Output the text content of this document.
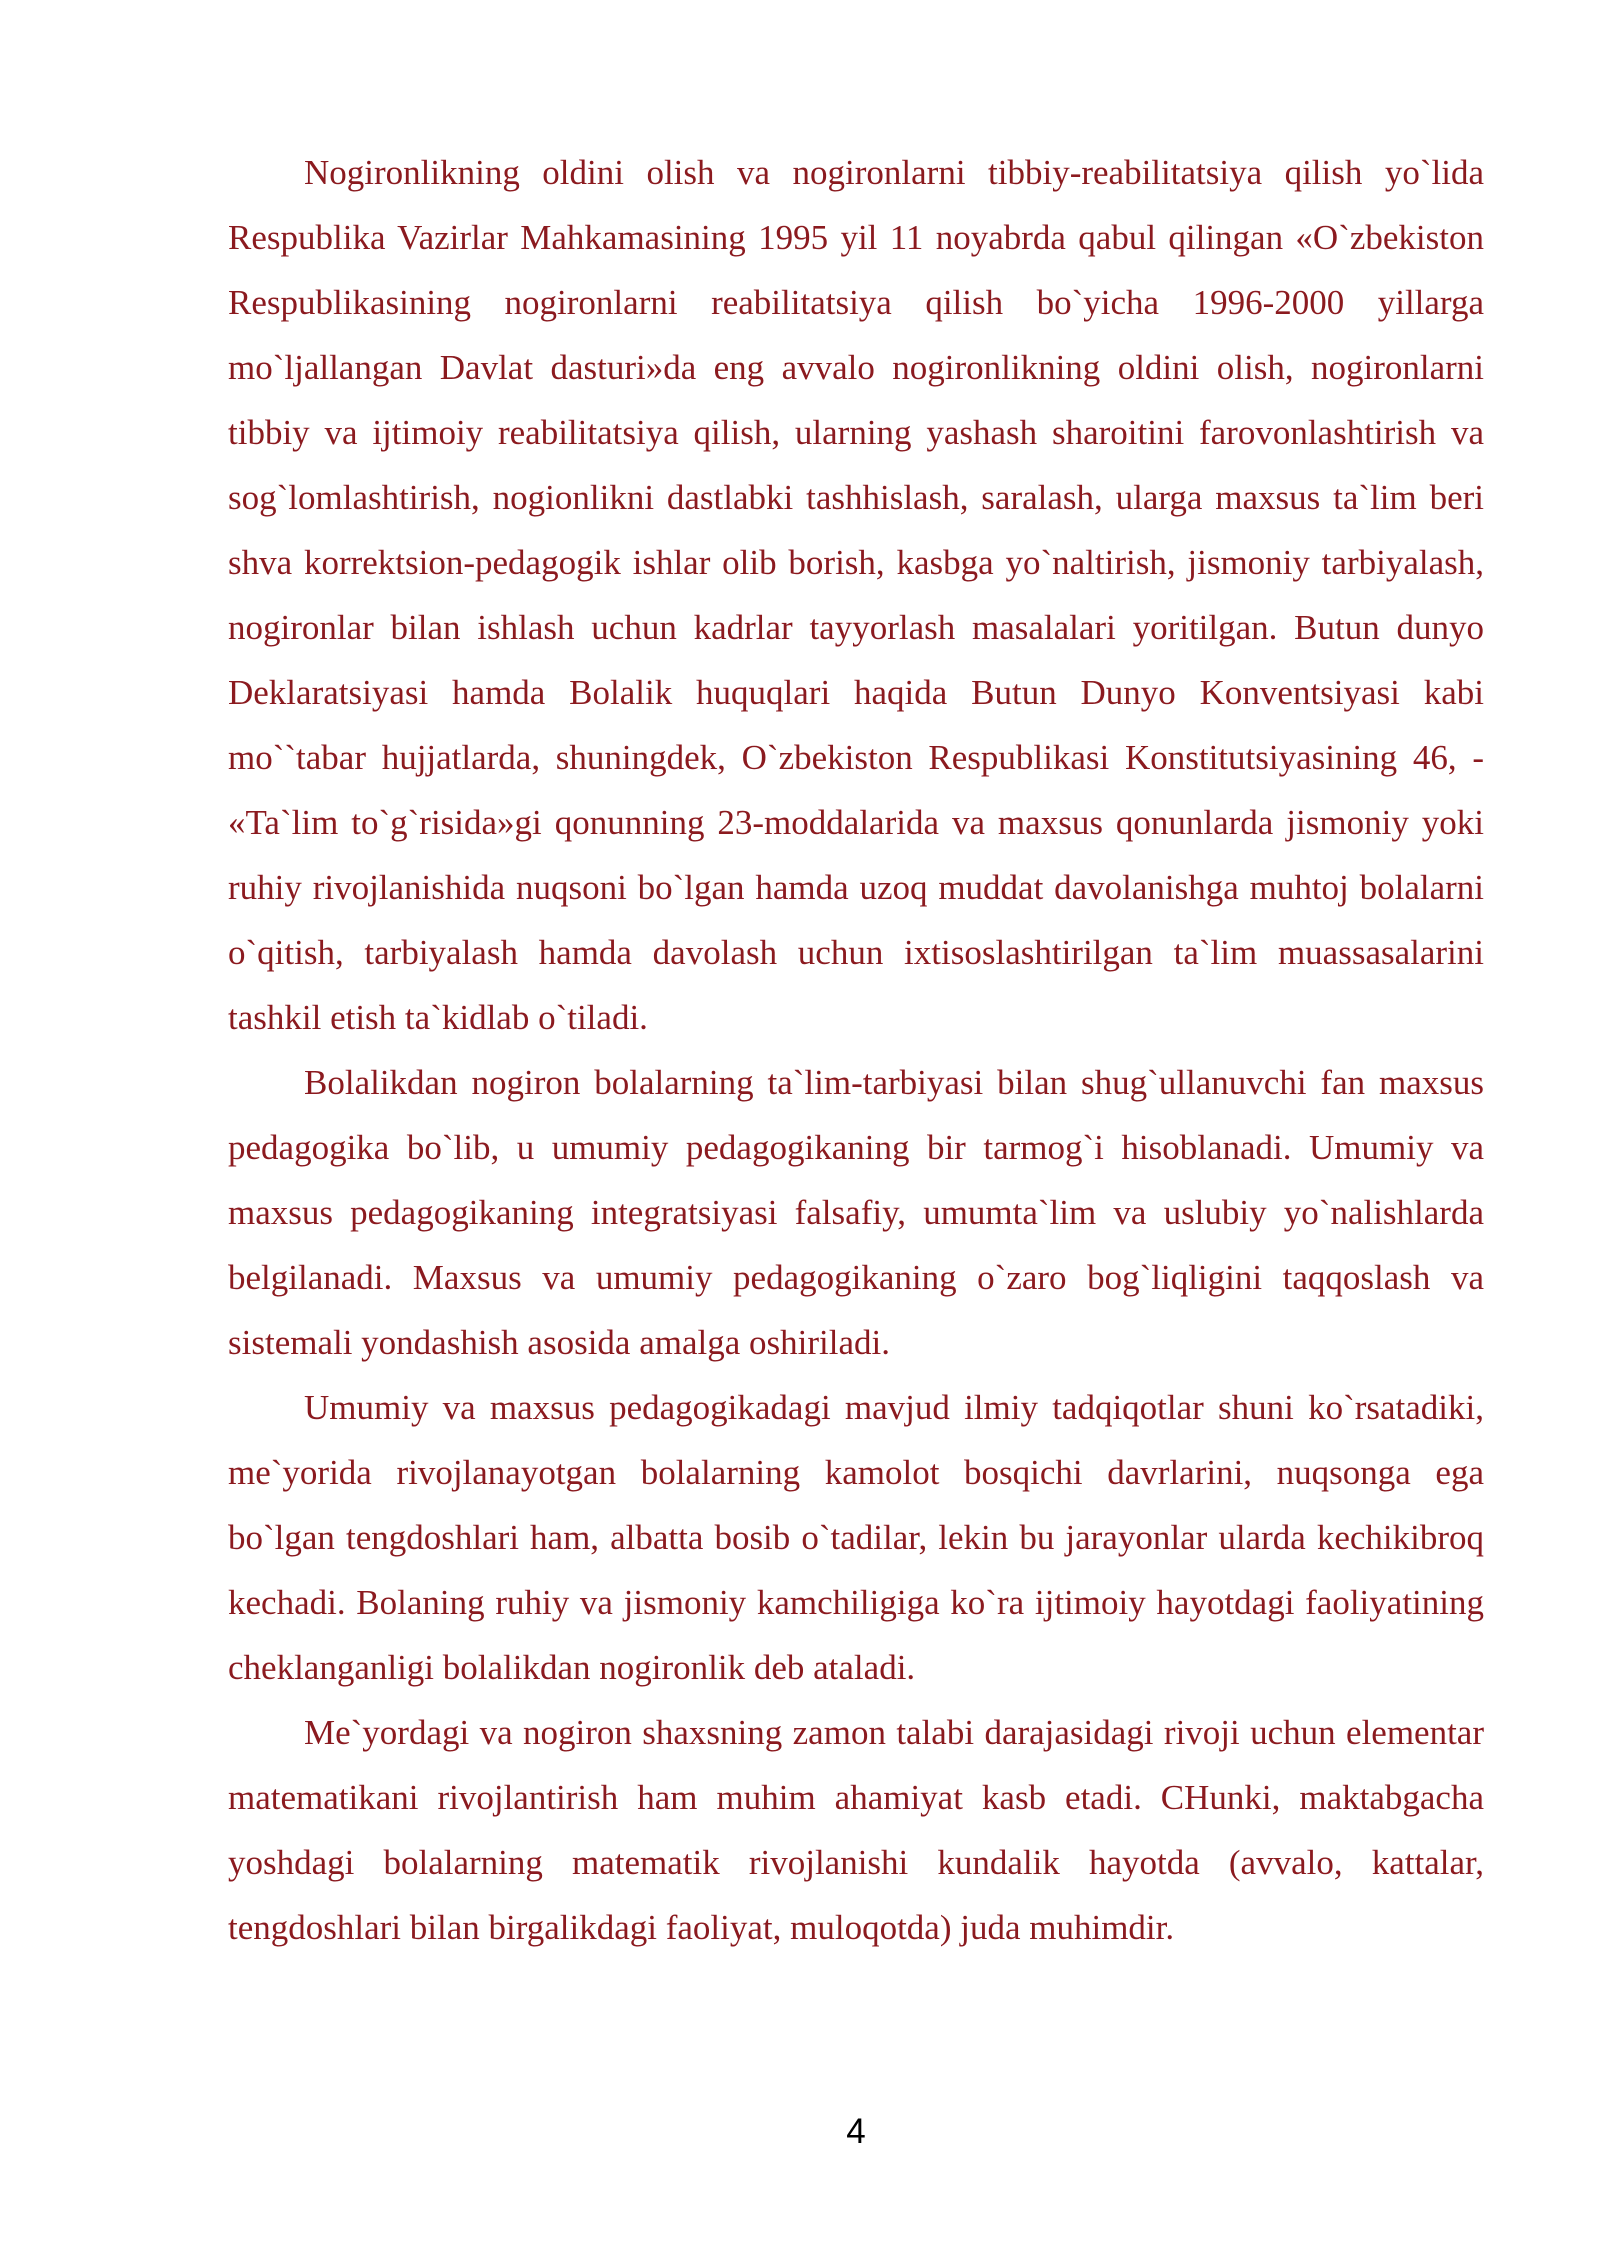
Nogironlikning oldini olish va nogironlarni tibbiy-reabilitatsiya qilish yo`lida Respublika Vazirlar Mahkamasining 1995 yil 11 noyabrda qabul qilingan «O`zbekiston Respublikasining nogironlarni reabilitatsiya qilish bo`yicha 1996-2000 yillarga mo`ljallangan Davlat dasturi»da eng avvalo nogironlikning oldini olish, nogironlarni tibbiy va ijtimoiy reabilitatsiya qilish, ularning yashash sharoitini farovonlashtirish va sog`lomlashtirish, nogionlikni dastlabki tashhislash, saralash, ularga maxsus ta`lim beri shva korrektsion-pedagogik ishlar olib borish, kasbga yo`naltirish, jismoniy tarbiyalash, nogironlar bilan ishlash uchun kadrlar tayyorlash masalalari yoritilgan. Butun dunyo Deklaratsiyasi hamda Bolalik huquqlari haqida Butun Dunyo Konventsiyasi kabi mo``tabar hujjatlarda, shuningdek, O`zbekiston Respublikasi Konstitutsiyasining 46, - «Ta`lim to`g`risida»gi qonunning 23-moddalarida va maxsus qonunlarda jismoniy yoki ruhiy rivojlanishida nuqsoni bo`lgan hamda uzoq muddat davolanishga muhtoj bolalarni o`qitish, tarbiyalash hamda davolash uchun ixtisoslashtirilgan ta`lim muassasalarini tashkil etish ta`kidlab o`tiladi.

Bolalikdan nogiron bolalarning ta`lim-tarbiyasi bilan shug`ullanuvchi fan maxsus pedagogika bo`lib, u umumiy pedagogikaning bir tarmog`i hisoblanadi. Umumiy va maxsus pedagogikaning integratsiyasi falsafiy, umumta`lim va uslubiy yo`nalishlarda belgilanadi. Maxsus va umumiy pedagogikaning o`zaro bog`liqligini taqqoslash va sistemali yondashish asosida amalga oshiriladi.

Umumiy va maxsus pedagogikadagi mavjud ilmiy tadqiqotlar shuni ko`rsatadiki, me`yorida rivojlanayotgan bolalarning kamolot bosqichi davrlarini, nuqsonga ega bo`lgan tengdoshlari ham, albatta bosib o`tadilar, lekin bu jarayonlar ularda kechikibroq kechadi. Bolaning ruhiy va jismoniy kamchiligiga ko`ra ijtimoiy hayotdagi faoliyatining cheklanganligi bolalikdan nogironlik deb ataladi.

Me`yordagi va nogiron shaxsning zamon talabi darajasidagi rivoji uchun elementar matematikani rivojlantirish ham muhim ahamiyat kasb etadi. CHunki, maktabgacha yoshdagi bolalarning matematik rivojlanishi kundalik hayotda (avvalo, kattalar, tengdoshlari bilan birgalikdagi faoliyat, muloqotda) juda muhimdir.

4
